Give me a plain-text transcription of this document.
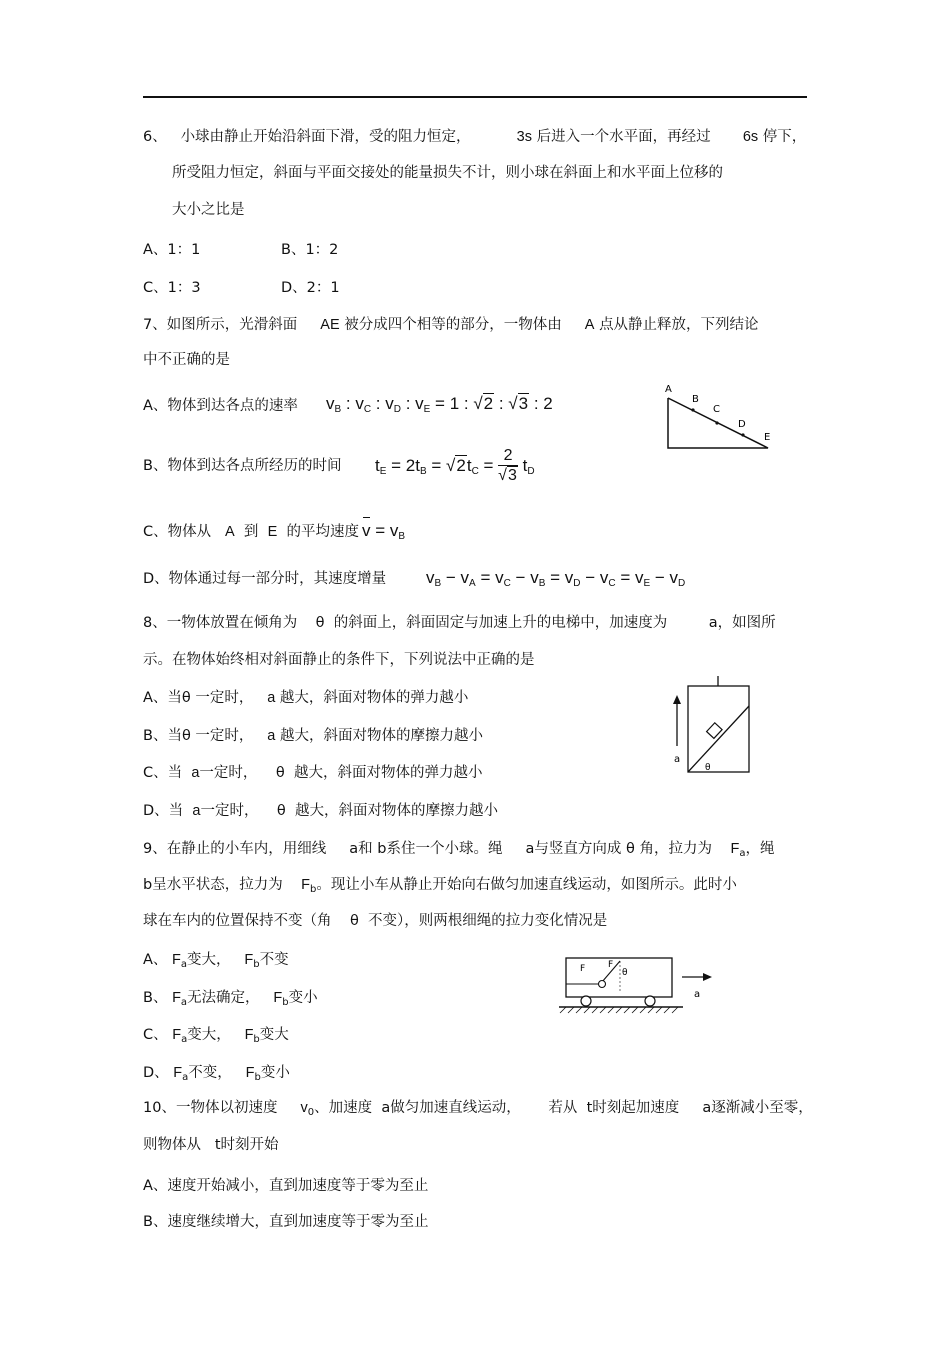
6、 小球由静止开始沿斜面下滑，受的阻力恒定，	3s 后进入一个水平面，再经过 6s 停下，
所受阻力恒定，斜面与平面交接处的能量损失不计，则小球在斜面上和水平面上位移的
大小之比是
A、1：1	B、1：2
C、1：3	D、2：1
7、如图所示，光滑斜面 AE 被分成四个相等的部分，一物体由 A 点从静止释放，下列结论
中不正确的是
A、物体到达各点的速率 $v_B$ : $v_C$ : $v_D$ : $v_E = 1$ : √2 : √3 : 2
B、物体到达各点所经历的时间 $t_E = 2t_B = √2t_C = \frac{2}{√3} t_D$
C、物体从 A 到 E 的平均速度 $v = v_B$
D、物体通过每一部分时，其速度增量 $v_B - v_A = v_C - v_B = v_D - v_C = v_E - v_D$
A
B
C
D
E
8、一物体放置在倾角为 θ 的斜面上，斜面固定与加速上升的电梯中，加速度为	a，如图所
示。在物体始终相对斜面静止的条件下，下列说法中正确的是
A、当θ 一定时， a 越大，斜面对物体的弹力越小
B、当θ 一定时， a 越大，斜面对物体的摩擦力越小
C、当 a一定时， θ 越大，斜面对物体的弹力越小
D、当 a一定时， θ 越大，斜面对物体的摩擦力越小
a
θ
9、在静止的小车内，用细线 a和 b系住一个小球。绳 a与竖直方向成 θ 角，拉力为 $F_a$，绳
b呈水平状态，拉力为 $F_b$。现让小车从静止开始向右做匀加速直线运动，如图所示。此时小
球在车内的位置保持不变（角 θ 不变），则两根细绳的拉力变化情况是
A、 $F_a$变大， $F_b$不变
B、 $F_a$无法确定， $F_b$变小
C、 $F_a$变大， $F_b$变大
D、 $F_a$不变， $F_b$变小
F	F
θ
a
10、一物体以初速度 $v_0$、加速度 a做匀加速直线运动， 若从 t时刻起加速度 a逐渐减小至零，
则物体从 t时刻开始
A、速度开始减小，直到加速度等于零为至止
B、速度继续增大，直到加速度等于零为至止
